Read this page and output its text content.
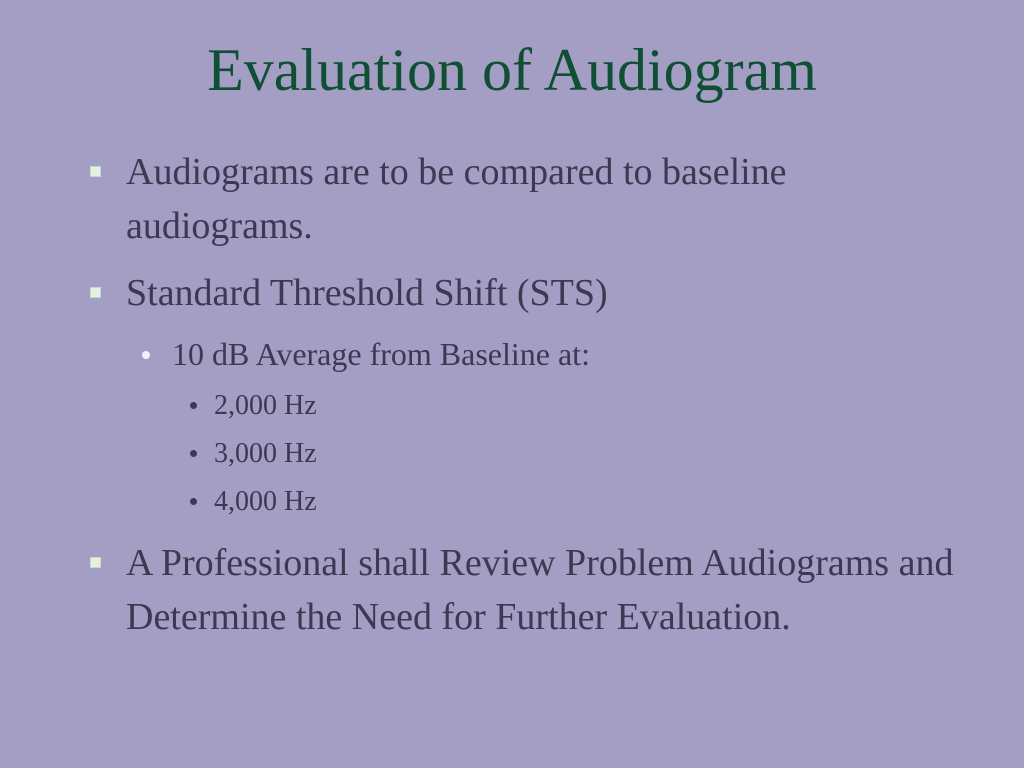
Evaluation of Audiogram
Audiograms are to be compared to baseline audiograms.
Standard Threshold Shift (STS)
10 dB Average from Baseline at:
2,000 Hz
3,000 Hz
4,000 Hz
A Professional shall Review Problem Audiograms and Determine the Need for Further Evaluation.
